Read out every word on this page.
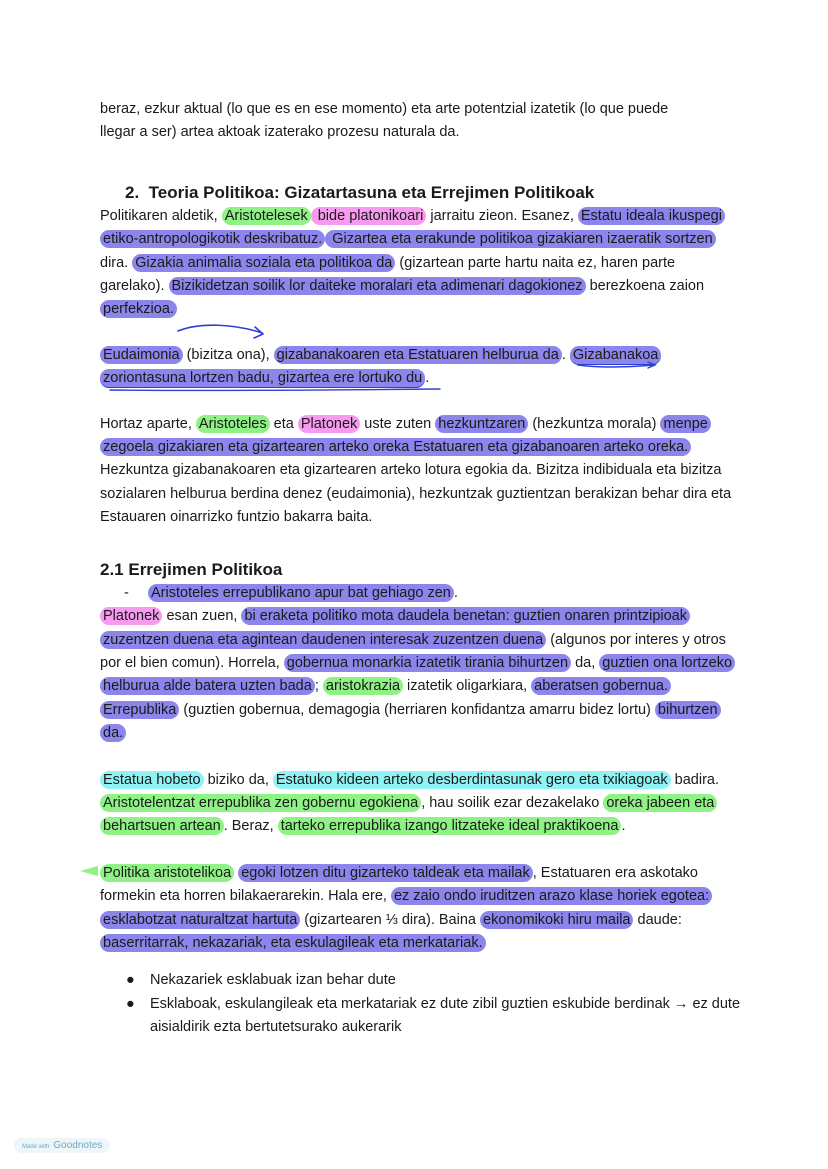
beraz, ezkur aktual (lo que es en ese momento) eta arte potentzial izatetik (lo que puede
llegar a ser) artea aktoak izaterako prozesu naturala da.

2. Teoria Politikoa: Gizatartasuna eta Errejimen Politikoak

Politikaren aldetik, Aristotelesek bide platonikoari jarraitu zieon. Esanez, Estatu ideala ikuspegi etiko-antropologikotik deskribatuz. Gizartea eta erakunde politikoa gizakiaren izaeratik sortzen dira. Gizakia animalia soziala eta politikoa da (gizartean parte hartu naita ez, haren parte garelako). Bizikidetzan soilik lor daiteke moralari eta adimenari dagokionez berezkoena zaion perfekzioa.

Eudaimonia (bizitza ona), gizabanakoaren eta Estatuaren helburua da . Gizabanakoa zoriontasuna lortzen badu, gizartea ere lortuko du .

Hortaz aparte, Aristoteles eta Platonek uste zuten hezkuntzaren (hezkuntza morala) menpe zegoela gizakiaren eta gizartearen arteko oreka Estatuaren eta gizabanoaren arteko oreka. Hezkuntza gizabanakoaren eta gizartearen arteko lotura egokia da. Bizitza indibiduala eta bizitza sozialaren helburua berdina denez (eudaimonia), hezkuntzak guztientzan berakizan behar dira eta Estauaren oinarrizko funtzio bakarra baita.

2.1 Errejimen Politikoa

- Aristoteles errepublikano apur bat gehiago zen .

Platonek esan zuen, bi eraketa politiko mota daudela benetan: guztien onaren printzipioak zuzentzen duena eta agintean daudenen interesak zuzentzen duena (algunos por interes y otros por el bien comun). Horrela, gobernua monarkia izatetik tirania bihurtzen da, guztien ona lortzeko helburua alde batera uzten bada ; aristokrazia izatetik oligarkiara, aberatsen gobernua. Errepublika (guztien gobernua, demagogia (herriaren konfidantza amarru bidez lortu) bihurtzen da.

Estatua hobeto biziko da, Estatuko kideen arteko desberdintasunak gero eta txikiagoak badira. Aristotelentzat errepublika zen gobernu egokiena , hau soilik ezar dezakelako oreka jabeen eta behartsuen artean . Beraz, tarteko errepublika izango litzateke ideal praktikoena .

Politika aristotelikoa egoki lotzen ditu gizarteko taldeak eta mailak , Estatuaren era askotako formekin eta horren bilakaerarekin. Hala ere, ez zaio ondo iruditzen arazo klase horiek egotea: esklabotzat naturaltzat hartuta (gizartearen ⅓ dira). Baina ekonomikoki hiru maila daude: baserritarrak, nekazariak, eta eskulagileak eta merkatariak.

● Nekazariek esklabuak izan behar dute
● Esklaboak, eskulangileak eta merkatariak ez dute zibil guztien eskubide berdinak → ez dute aisialdirik ezta bertutetsurako aukerarik
Made with Goodnotes
